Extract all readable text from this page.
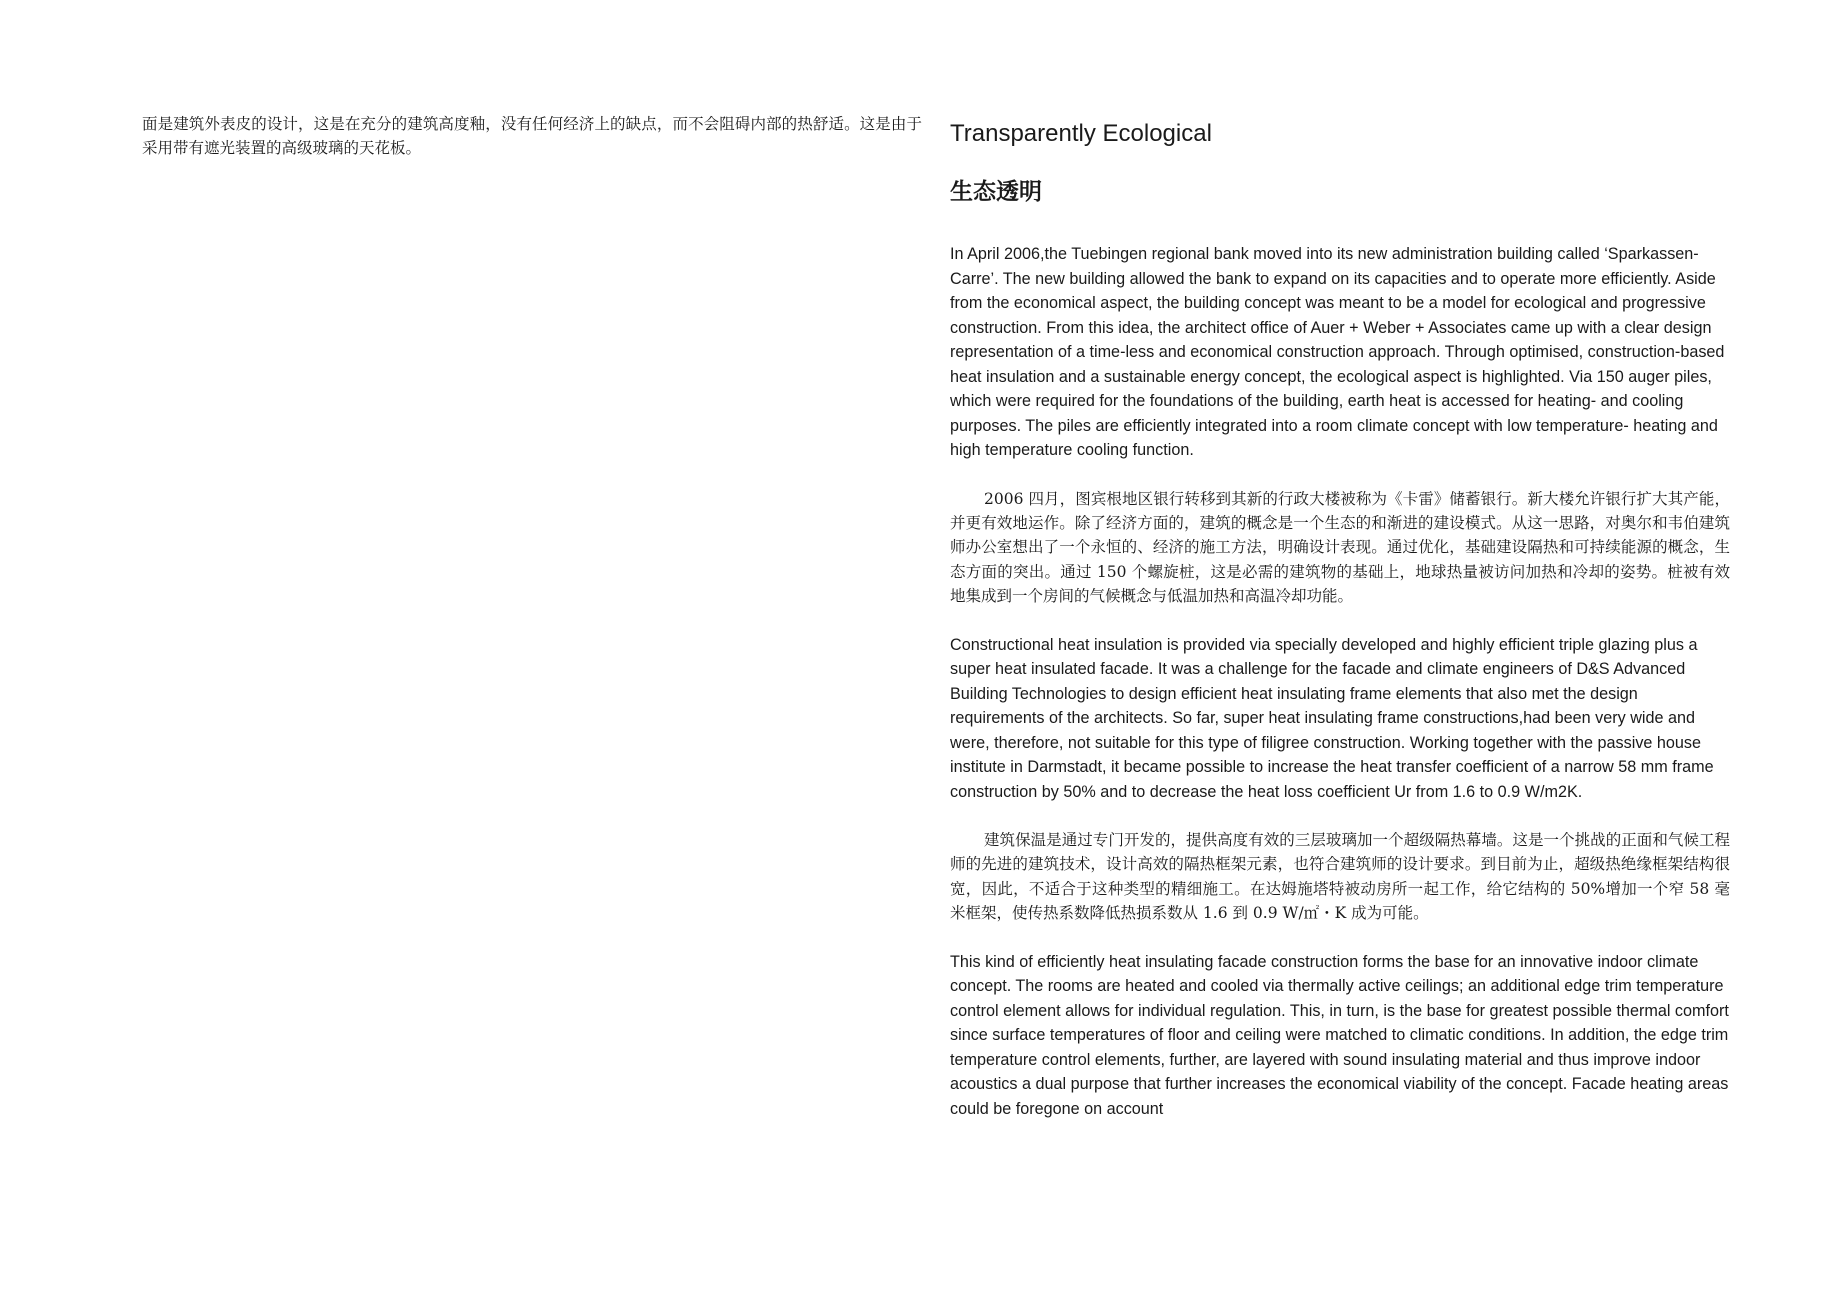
面是建筑外表皮的设计，这是在充分的建筑高度釉，没有任何经济上的缺点，而不会阻碍内部的热舒适。这是由于采用带有遮光装置的高级玻璃的天花板。

Transparently Ecological
生态透明

In April 2006,the Tuebingen regional bank moved into its new administration building called ‘Sparkassen-Carre’. The new building allowed the bank to expand on its capacities and to operate more efficiently. Aside from the economical aspect, the building concept was meant to be a model for ecological and progressive construction. From this idea, the architect office of Auer + Weber + Associates came up with a clear design representation of a time-less and economical construction approach. Through optimised, construction-based heat insulation and a sustainable energy concept, the ecological aspect is highlighted. Via 150 auger piles, which were required for the foundations of the building, earth heat is accessed for heating- and cooling purposes. The piles are efficiently integrated into a room climate concept with low temperature- heating and high temperature cooling function.

2006 四月，图宾根地区银行转移到其新的行政大楼被称为《卡雷》储蓄银行。新大楼允许银行扩大其产能，并更有效地运作。除了经济方面的，建筑的概念是一个生态的和渐进的建设模式。从这一思路，对奥尔和韦伯建筑师办公室想出了一个永恒的、经济的施工方法，明确设计表现。通过优化，基础建设隔热和可持续能源的概念，生态方面的突出。通过 150 个螺旋桩，这是必需的建筑物的基础上，地球热量被访问加热和冷却的姿势。桩被有效地集成到一个房间的气候概念与低温加热和高温冷却功能。

Constructional heat insulation is provided via specially developed and highly efficient triple glazing plus a super heat insulated facade. It was a challenge for the facade and climate engineers of D&S Advanced Building Technologies to design efficient heat insulating frame elements that also met the design requirements of the architects. So far, super heat insulating frame constructions,had been very wide and were, therefore, not suitable for this type of filigree construction. Working together with the passive house institute in Darmstadt, it became possible to increase the heat transfer coefficient of a narrow 58 mm frame construction by 50% and to decrease the heat loss coefficient Ur from 1.6 to 0.9 W/m2K.

建筑保温是通过专门开发的，提供高度有效的三层玻璃加一个超级隔热幕墙。这是一个挑战的正面和气候工程师的先进的建筑技术，设计高效的隔热框架元素，也符合建筑师的设计要求。到目前为止，超级热绝缘框架结构很宽，因此，不适合于这种类型的精细施工。在达姆施塔特被动房所一起工作，给它结构的 50%增加一个窄 58 毫米框架，使传热系数降低热损系数从 1.6 到 0.9 W/㎡・K 成为可能。

This kind of efficiently heat insulating facade construction forms the base for an innovative indoor climate concept. The rooms are heated and cooled via thermally active ceilings; an additional edge trim temperature control element allows for individual regulation. This, in turn, is the base for greatest possible thermal comfort since surface temperatures of floor and ceiling were matched to climatic conditions. In addition, the edge trim temperature control elements, further, are layered with sound insulating material and thus improve indoor acoustics a dual purpose that further increases the economical viability of the concept. Facade heating areas could be foregone on account
